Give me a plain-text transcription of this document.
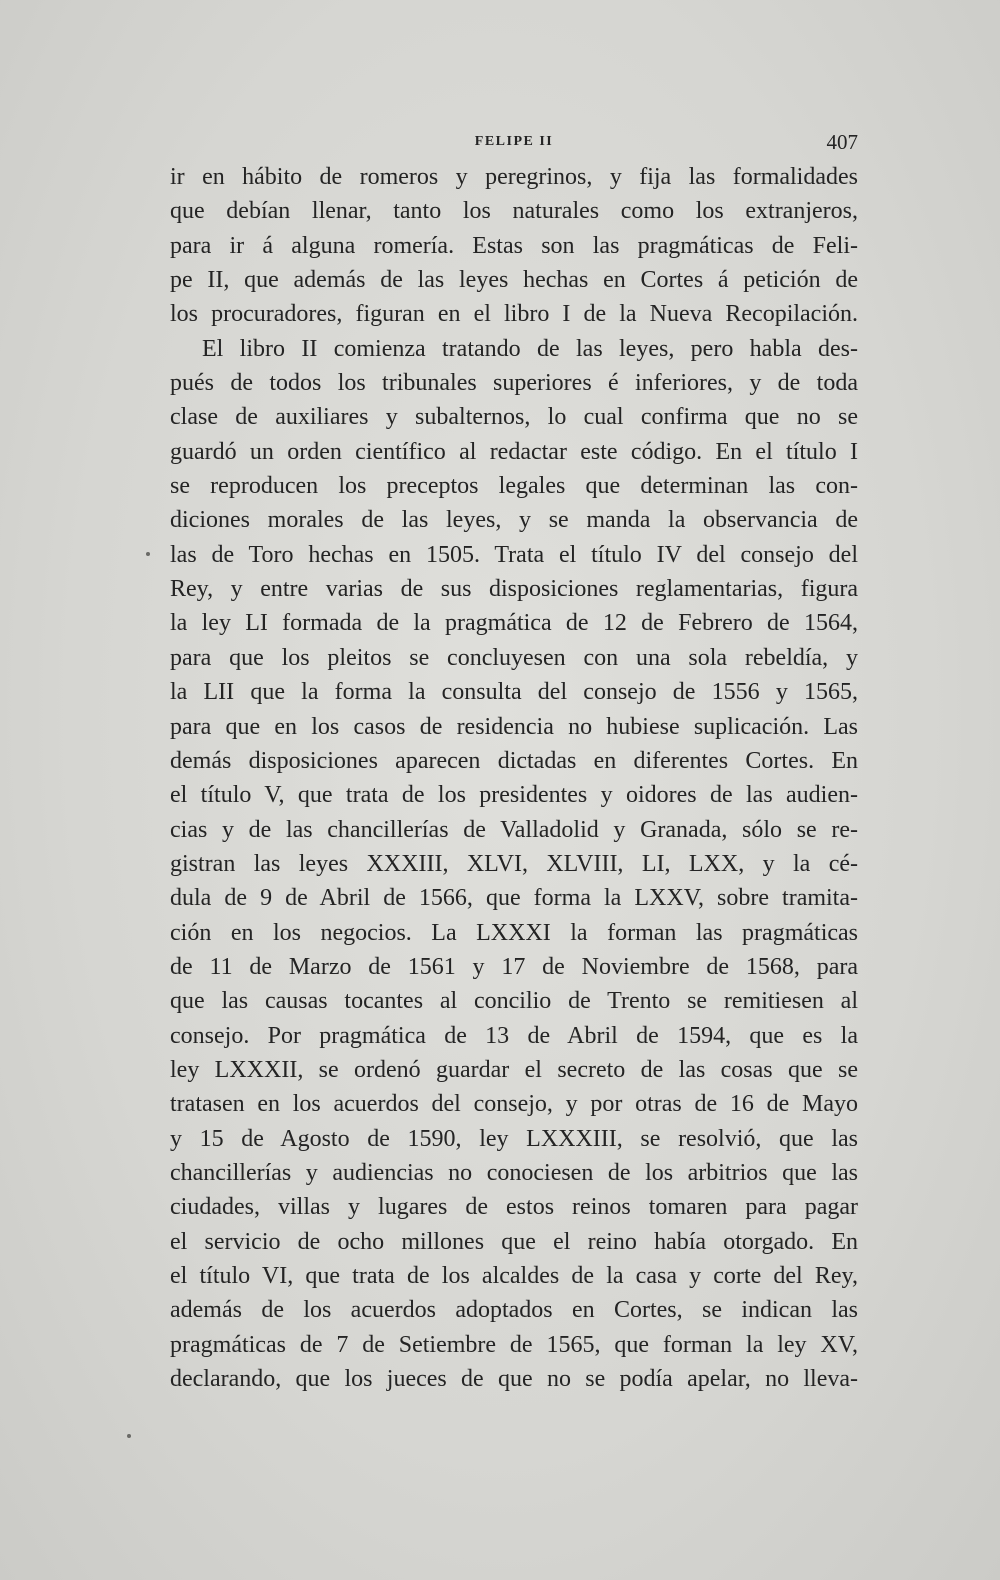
FELIPE II	407
ir en hábito de romeros y peregrinos, y fija las formalidades
que debían llenar, tanto los naturales como los extranjeros,
para ir á alguna romería. Estas son las pragmáticas de Feli-
pe II, que además de las leyes hechas en Cortes á petición de
los procuradores, figuran en el libro I de la Nueva Recopilación.
El libro II comienza tratando de las leyes, pero habla des-
pués de todos los tribunales superiores é inferiores, y de toda
clase de auxiliares y subalternos, lo cual confirma que no se
guardó un orden científico al redactar este código. En el título I
se reproducen los preceptos legales que determinan las con-
diciones morales de las leyes, y se manda la observancia de
las de Toro hechas en 1505. Trata el título IV del consejo del
Rey, y entre varias de sus disposiciones reglamentarias, figura
la ley LI formada de la pragmática de 12 de Febrero de 1564,
para que los pleitos se concluyesen con una sola rebeldía, y
la LII que la forma la consulta del consejo de 1556 y 1565,
para que en los casos de residencia no hubiese suplicación. Las
demás disposiciones aparecen dictadas en diferentes Cortes. En
el título V, que trata de los presidentes y oidores de las audien-
cias y de las chancillerías de Valladolid y Granada, sólo se re-
gistran las leyes XXXIII, XLVI, XLVIII, LI, LXX, y la cé-
dula de 9 de Abril de 1566, que forma la LXXV, sobre tramita-
ción en los negocios. La LXXXI la forman las pragmáticas
de 11 de Marzo de 1561 y 17 de Noviembre de 1568, para
que las causas tocantes al concilio de Trento se remitiesen al
consejo. Por pragmática de 13 de Abril de 1594, que es la
ley LXXXII, se ordenó guardar el secreto de las cosas que se
tratasen en los acuerdos del consejo, y por otras de 16 de Mayo
y 15 de Agosto de 1590, ley LXXXIII, se resolvió, que las
chancillerías y audiencias no conociesen de los arbitrios que las
ciudades, villas y lugares de estos reinos tomaren para pagar
el servicio de ocho millones que el reino había otorgado. En
el título VI, que trata de los alcaldes de la casa y corte del Rey,
además de los acuerdos adoptados en Cortes, se indican las
pragmáticas de 7 de Setiembre de 1565, que forman la ley XV,
declarando, que los jueces de que no se podía apelar, no lleva-
